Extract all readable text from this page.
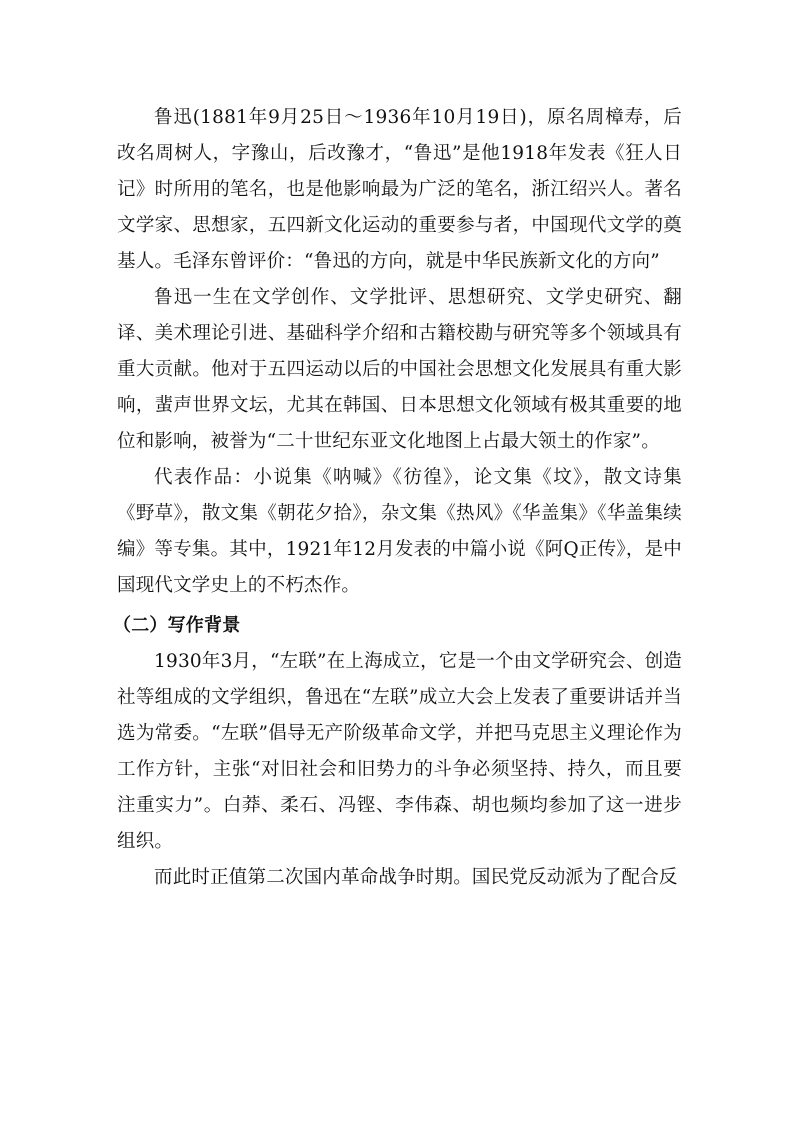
鲁迅(1881年9月25日～1936年10月19日)，原名周樟寿，后改名周树人，字豫山，后改豫才，“鲁迅”是他1918年发表《狂人日记》时所用的笔名，也是他影响最为广泛的笔名，浙江绍兴人。著名文学家、思想家，五四新文化运动的重要参与者，中国现代文学的奠基人。毛泽东曾评价：“鲁迅的方向，就是中华民族新文化的方向”

鲁迅一生在文学创作、文学批评、思想研究、文学史研究、翻译、美术理论引进、基础科学介绍和古籍校勘与研究等多个领域具有重大贡献。他对于五四运动以后的中国社会思想文化发展具有重大影响，蜚声世界文坛，尤其在韩国、日本思想文化领域有极其重要的地位和影响，被誉为“二十世纪东亚文化地图上占最大领土的作家”。

代表作品：小说集《呐喊》《彷徨》，论文集《坟》，散文诗集《野草》，散文集《朝花夕拾》，杂文集《热风》《华盖集》《华盖集续编》等专集。其中，1921年12月发表的中篇小说《阿Q正传》，是中国现代文学史上的不朽杰作。

（二）写作背景

1930年3月，“左联”在上海成立，它是一个由文学研究会、创造社等组成的文学组织，鲁迅在“左联”成立大会上发表了重要讲话并当选为常委。“左联”倡导无产阶级革命文学，并把马克思主义理论作为工作方针，主张“对旧社会和旧势力的斗争必须坚持、持久，而且要注重实力”。白莽、柔石、冯铿、李伟森、胡也频均参加了这一进步组织。

而此时正值第二次国内革命战争时期。国民党反动派为了配合反
